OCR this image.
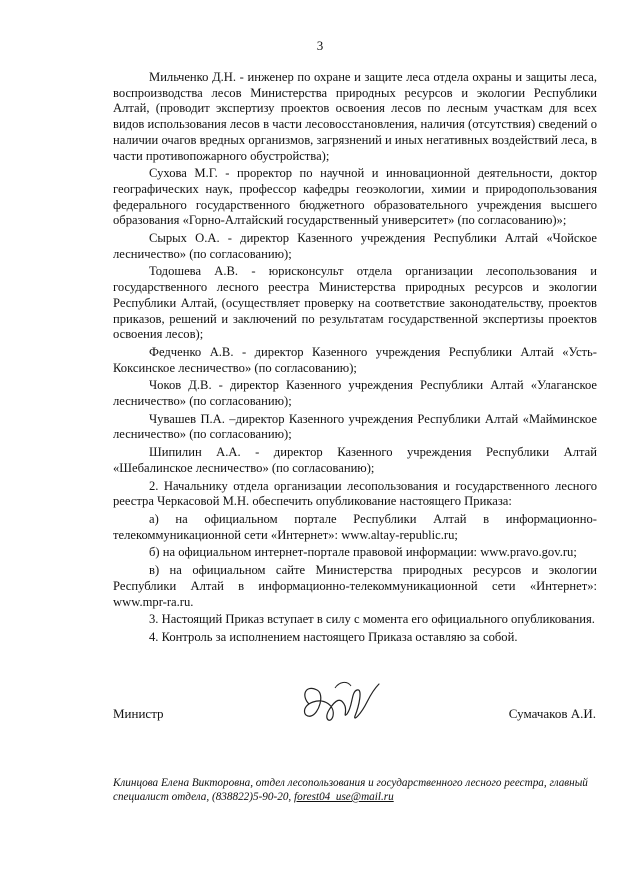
3

Мильченко Д.Н. - инженер по охране и защите леса отдела охраны и защиты леса, воспроизводства лесов Министерства природных ресурсов и экологии Республики Алтай, (проводит экспертизу проектов освоения лесов по лесным участкам для всех видов использования лесов в части лесовосстановления, наличия (отсутствия) сведений о наличии очагов вредных организмов, загрязнений и иных негативных воздействий леса, в части противопожарного обустройства);

Сухова М.Г. - проректор по научной и инновационной деятельности, доктор географических наук, профессор кафедры геоэкологии, химии и природопользования федерального государственного бюджетного образовательного учреждения высшего образования «Горно-Алтайский государственный университет» (по согласованию)»;

Сырых О.А. - директор Казенного учреждения Республики Алтай «Чойское лесничество» (по согласованию);

Тодошева А.В. - юрисконсульт отдела организации лесопользования и государственного лесного реестра Министерства природных ресурсов и экологии Республики Алтай, (осуществляет проверку на соответствие законодательству, проектов приказов, решений и заключений по результатам государственной экспертизы проектов освоения лесов);

Федченко А.В. - директор Казенного учреждения Республики Алтай «Усть-Коксинское лесничество» (по согласованию);

Чоков Д.В. - директор Казенного учреждения Республики Алтай «Улаганское лесничество» (по согласованию);

Чувашев П.А. –директор Казенного учреждения Республики Алтай «Майминское лесничество» (по согласованию);

Шипилин А.А. - директор Казенного учреждения Республики Алтай «Шебалинское лесничество» (по согласованию);

2. Начальнику отдела организации лесопользования и государственного лесного реестра Черкасовой М.Н. обеспечить опубликование настоящего Приказа:

а) на официальном портале Республики Алтай в информационно-телекоммуникационной сети «Интернет»: www.altay-republic.ru;

б) на официальном интернет-портале правовой информации: www.pravo.gov.ru;

в) на официальном сайте Министерства природных ресурсов и экологии Республики Алтай в информационно-телекоммуникационной сети «Интернет»: www.mpr-ra.ru.

3. Настоящий Приказ вступает в силу с момента его официального опубликования.

4. Контроль за исполнением настоящего Приказа оставляю за собой.

Министр	Сумачаков А.И.
Клинцова Елена Викторовна, отдел лесопользования и государственного лесного реестра, главный специалист отдела, (838822)5-90-20, forest04_use@mail.ru
